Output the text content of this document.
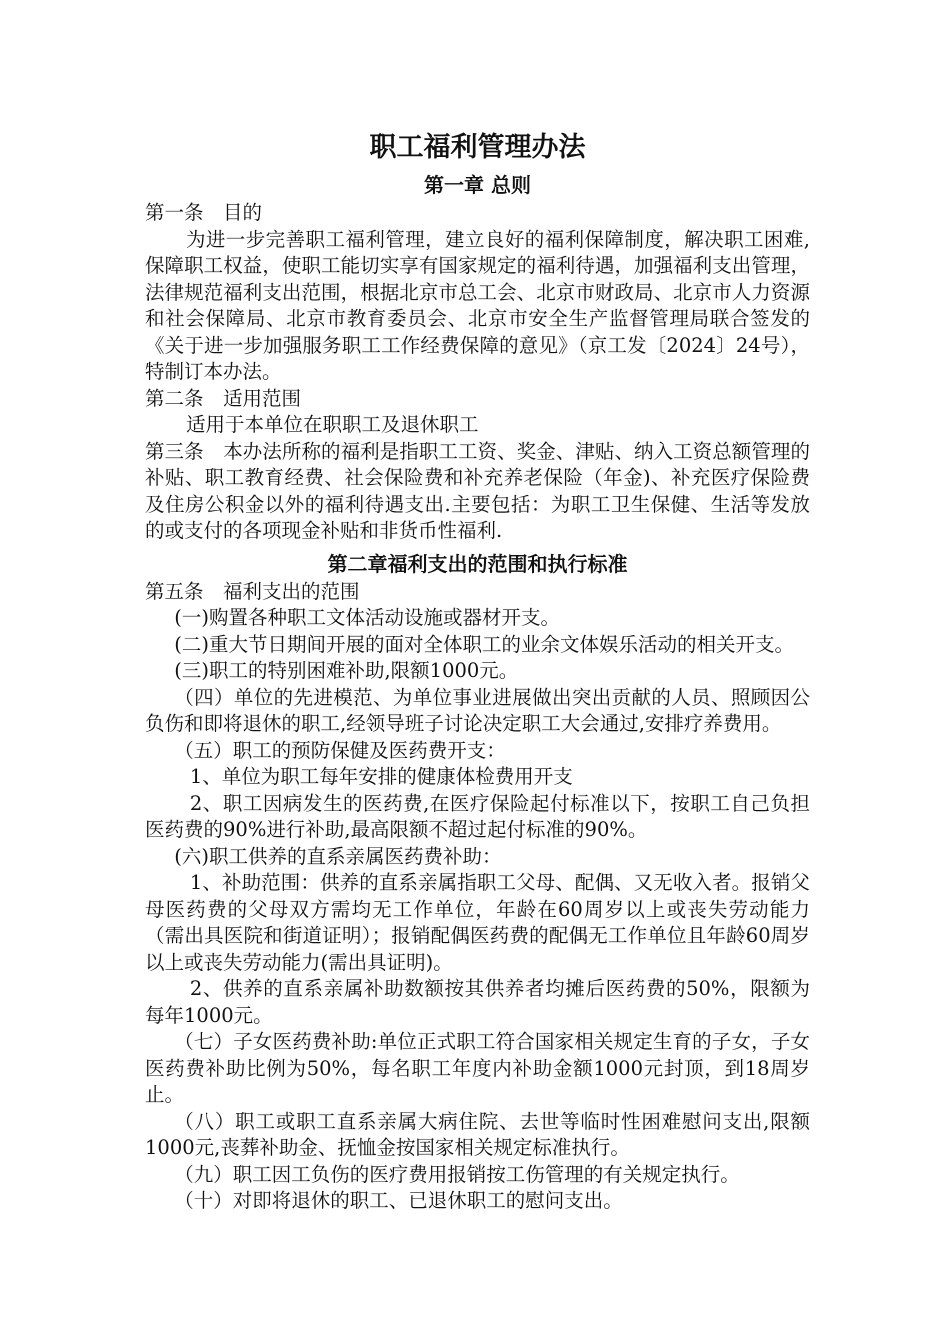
职工福利管理办法
第一章 总则

第一条　目的

为进一步完善职工福利管理，建立良好的福利保障制度，解决职工困难,保障职工权益，使职工能切实享有国家规定的福利待遇，加强福利支出管理，法律规范福利支出范围，根据北京市总工会、北京市财政局、北京市人力资源和社会保障局、北京市教育委员会、北京市安全生产监督管理局联合签发的《关于进一步加强服务职工工作经费保障的意见》（京工发〔2024〕24号），特制订本办法。

第二条　适用范围

适用于本单位在职职工及退休职工

第三条　本办法所称的福利是指职工工资、奖金、津贴、纳入工资总额管理的补贴、职工教育经费、社会保险费和补充养老保险（年金)、补充医疗保险费及住房公积金以外的福利待遇支出.主要包括：为职工卫生保健、生活等发放的或支付的各项现金补贴和非货币性福利.

第二章福利支出的范围和执行标准

第五条　福利支出的范围

(一)购置各种职工文体活动设施或器材开支。

(二)重大节日期间开展的面对全体职工的业余文体娱乐活动的相关开支。

(三)职工的特别困难补助,限额1000元。

（四）单位的先进模范、为单位事业进展做出突出贡献的人员、照顾因公负伤和即将退休的职工,经领导班子讨论决定职工大会通过,安排疗养费用。

（五）职工的预防保健及医药费开支：

1、单位为职工每年安排的健康体检费用开支

2、职工因病发生的医药费,在医疗保险起付标准以下，按职工自己负担医药费的90%进行补助,最高限额不超过起付标准的90%。

(六)职工供养的直系亲属医药费补助：

1、补助范围：供养的直系亲属指职工父母、配偶、又无收入者。报销父母医药费的父母双方需均无工作单位，年龄在60周岁以上或丧失劳动能力（需出具医院和街道证明）；报销配偶医药费的配偶无工作单位且年龄60周岁以上或丧失劳动能力(需出具证明)。

2、供养的直系亲属补助数额按其供养者均摊后医药费的50%，限额为每年1000元。

（七）子女医药费补助:单位正式职工符合国家相关规定生育的子女，子女医药费补助比例为50%，每名职工年度内补助金额1000元封顶，到18周岁止。

（八）职工或职工直系亲属大病住院、去世等临时性困难慰问支出,限额1000元,丧葬补助金、抚恤金按国家相关规定标准执行。

（九）职工因工负伤的医疗费用报销按工伤管理的有关规定执行。

（十）对即将退休的职工、已退休职工的慰问支出。
